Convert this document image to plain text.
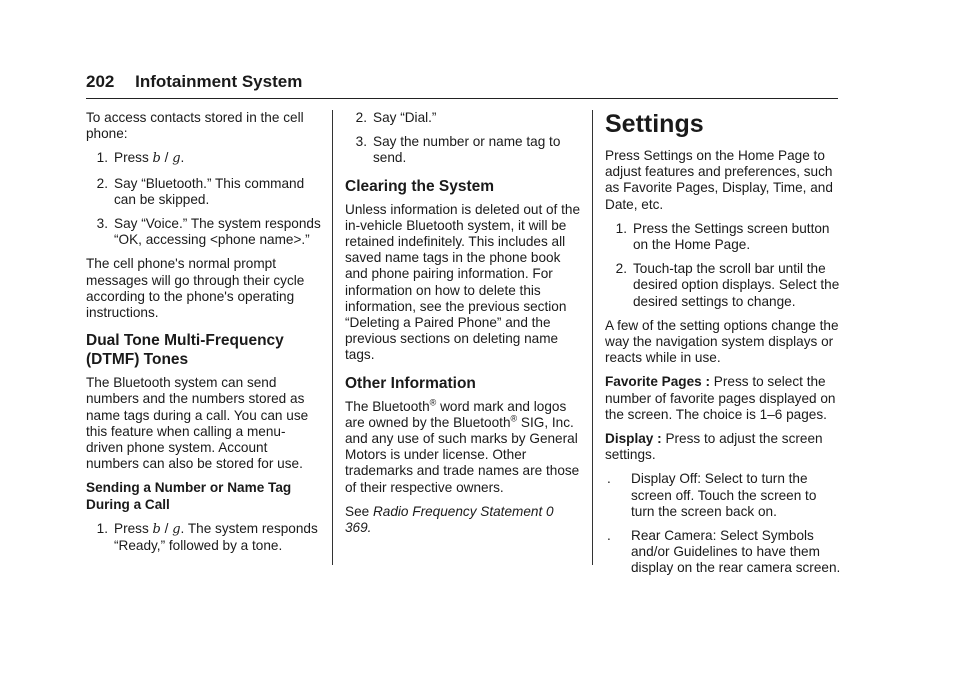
202 Infotainment System

To access contacts stored in the cell phone:

1. Press b / g.
2. Say “Bluetooth.” This command can be skipped.
3. Say “Voice.” The system responds “OK, accessing <phone name>.”

The cell phone's normal prompt messages will go through their cycle according to the phone's operating instructions.

Dual Tone Multi-Frequency (DTMF) Tones

The Bluetooth system can send numbers and the numbers stored as name tags during a call. You can use this feature when calling a menu-driven phone system. Account numbers can also be stored for use.

Sending a Number or Name Tag During a Call

1. Press b / g. The system responds “Ready,” followed by a tone.
2. Say “Dial.”
3. Say the number or name tag to send.
Clearing the System

Unless information is deleted out of the in-vehicle Bluetooth system, it will be retained indefinitely. This includes all saved name tags in the phone book and phone pairing information. For information on how to delete this information, see the previous section “Deleting a Paired Phone” and the previous sections on deleting name tags.

Other Information

The Bluetooth® word mark and logos are owned by the Bluetooth® SIG, Inc. and any use of such marks by General Motors is under license. Other trademarks and trade names are those of their respective owners.

See Radio Frequency Statement 0 369.

Settings

Press Settings on the Home Page to adjust features and preferences, such as Favorite Pages, Display, Time, and Date, etc.

1. Press the Settings screen button on the Home Page.
2. Touch-tap the scroll bar until the desired option displays. Select the desired settings to change.

A few of the setting options change the way the navigation system displays or reacts while in use.

Favorite Pages : Press to select the number of favorite pages displayed on the screen. The choice is 1–6 pages.

Display : Press to adjust the screen settings.

.	Display Off: Select to turn the screen off. Touch the screen to turn the screen back on.
.	Rear Camera: Select Symbols and/or Guidelines to have them display on the rear camera screen.
